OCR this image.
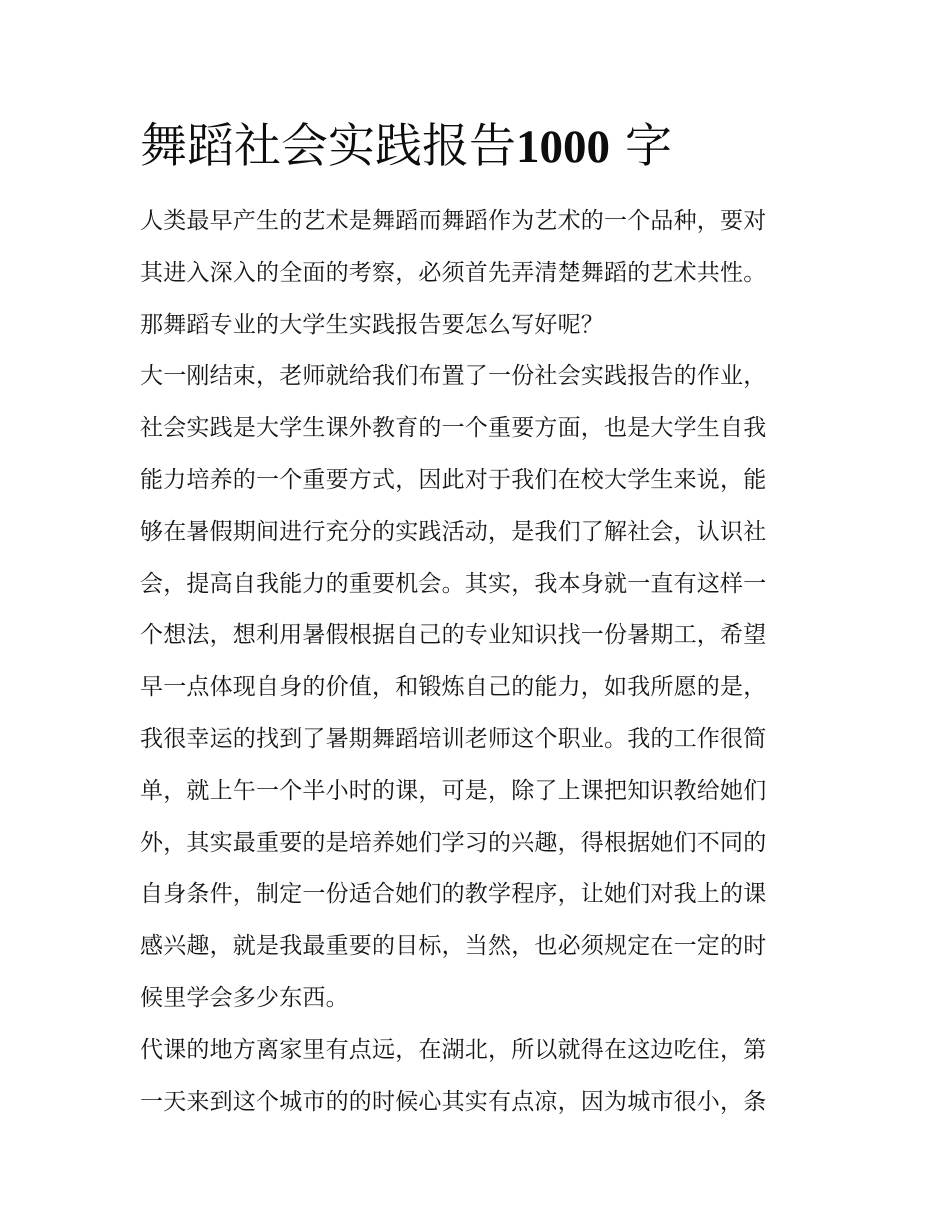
舞蹈社会实践报告1000 字
人类最早产生的艺术是舞蹈而舞蹈作为艺术的一个品种，要对
其进入深入的全面的考察，必须首先弄清楚舞蹈的艺术共性。
那舞蹈专业的大学生实践报告要怎么写好呢？
大一刚结束，老师就给我们布置了一份社会实践报告的作业，
社会实践是大学生课外教育的一个重要方面，也是大学生自我
能力培养的一个重要方式，因此对于我们在校大学生来说，能
够在暑假期间进行充分的实践活动，是我们了解社会，认识社
会，提高自我能力的重要机会。其实，我本身就一直有这样一
个想法，想利用暑假根据自己的专业知识找一份暑期工，希望
早一点体现自身的价值，和锻炼自己的能力，如我所愿的是，
我很幸运的找到了暑期舞蹈培训老师这个职业。我的工作很简
单，就上午一个半小时的课，可是，除了上课把知识教给她们
外，其实最重要的是培养她们学习的兴趣，得根据她们不同的
自身条件，制定一份适合她们的教学程序，让她们对我上的课
感兴趣，就是我最重要的目标，当然，也必须规定在一定的时
候里学会多少东西。
代课的地方离家里有点远，在湖北，所以就得在这边吃住，第
一天来到这个城市的的时候心其实有点凉，因为城市很小，条
